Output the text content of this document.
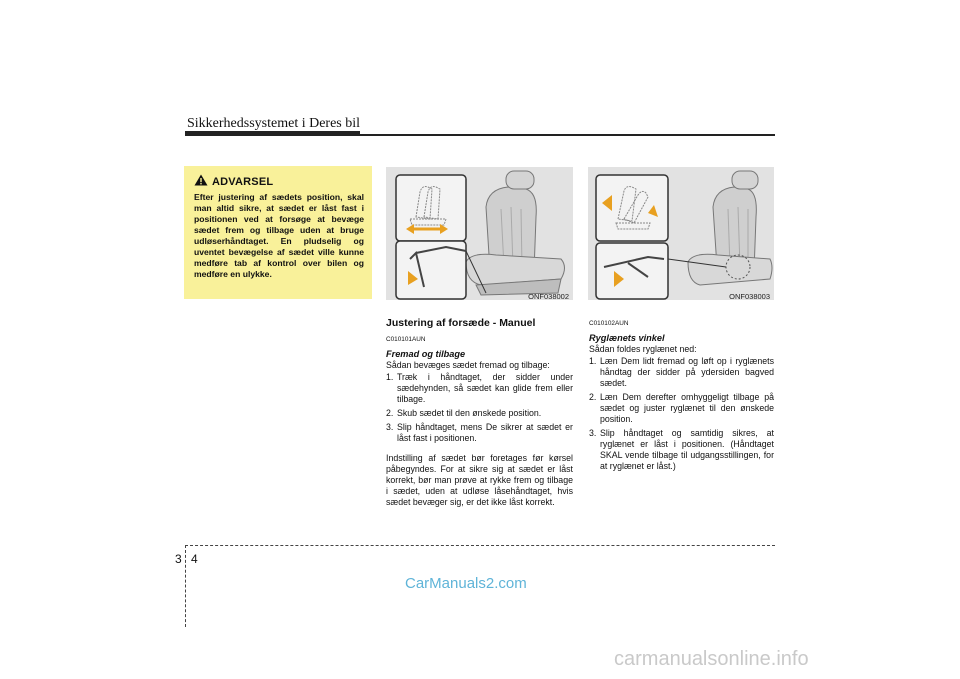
Sikkerhedssystemet i Deres bil
ADVARSEL
Efter justering af sædets position, skal man altid sikre, at sædet er låst fast i positionen ved at forsøge at bevæge sædet frem og tilbage uden at bruge udløserhåndtaget. En pludselig og uventet bevægelse af sædet ville kunne medføre tab af kontrol over bilen og medføre en ulykke.
ONF038002	ONF038003
Justering af forsæde - Manuel
C010101AUN
Fremad og tilbage
Sådan bevæges sædet fremad og tilbage:
1. Træk i håndtaget, der sidder under sædehynden, så sædet kan glide frem eller tilbage.
2. Skub sædet til den ønskede position.
3. Slip håndtaget, mens De sikrer at sædet er låst fast i positionen.
Indstilling af sædet bør foretages før kørsel påbegyndes. For at sikre sig at sædet er låst korrekt, bør man prøve at rykke frem og tilbage i sædet, uden at udløse låsehåndtaget, hvis sædet bevæger sig, er det ikke låst korrekt.
C010102AUN
Ryglænets vinkel
Sådan foldes ryglænet ned:
1. Læn Dem lidt fremad og løft op i ryglænets håndtag der sidder på ydersiden bagved sædet.
2. Læn Dem derefter omhyggeligt tilbage på sædet og juster ryglænet til den ønskede position.
3. Slip håndtaget og samtidig sikres, at ryglænet er låst i positionen. (Håndtaget SKAL vende tilbage til udgangsstillingen, for at ryglænet er låst.)
3 4
CarManuals2.com
carmanualsonline.info
